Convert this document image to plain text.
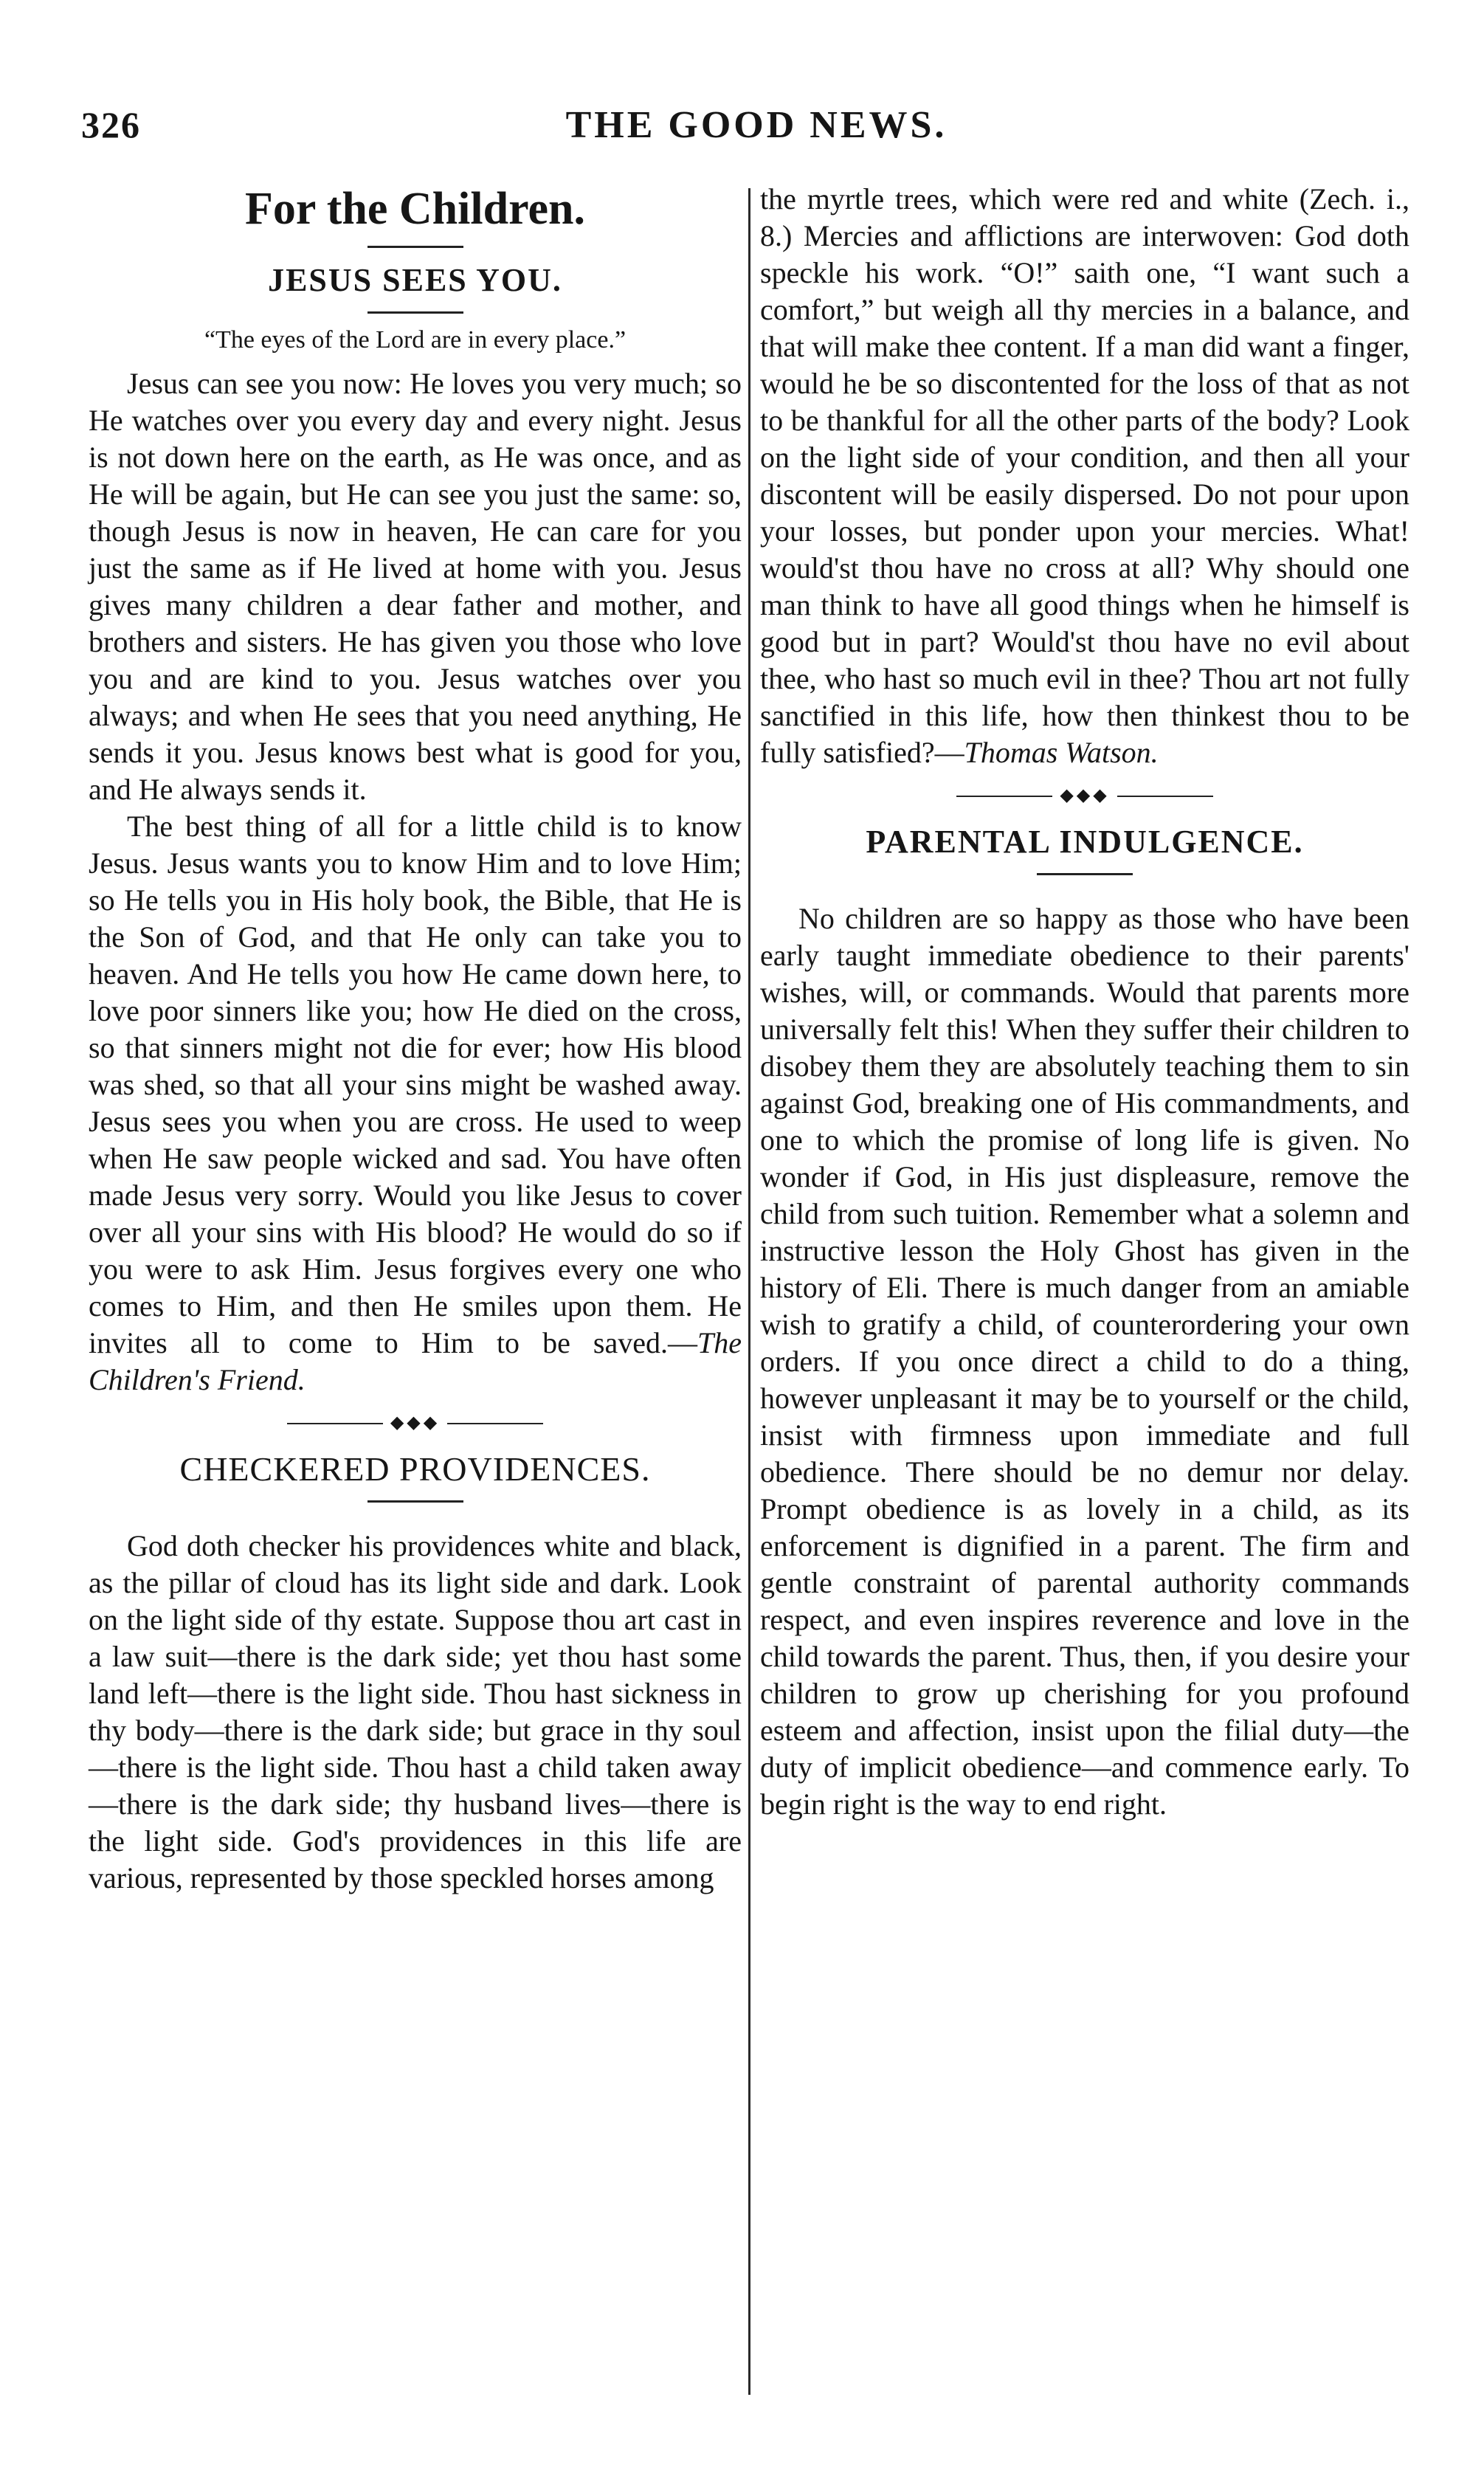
326	THE GOOD NEWS.
For the Children.
JESUS SEES YOU.
“The eyes of the Lord are in every place.”

Jesus can see you now: He loves you very much; so He watches over you every day and every night. Jesus is not down here on the earth, as He was once, and as He will be again, but He can see you just the same: so, though Jesus is now in heaven, He can care for you just the same as if He lived at home with you. Jesus gives many children a dear father and mother, and brothers and sisters. He has given you those who love you and are kind to you. Jesus watches over you always; and when He sees that you need anything, He sends it you. Jesus knows best what is good for you, and He always sends it.

The best thing of all for a little child is to know Jesus. Jesus wants you to know Him and to love Him; so He tells you in His holy book, the Bible, that He is the Son of God, and that He only can take you to heaven. And He tells you how He came down here, to love poor sinners like you; how He died on the cross, so that sinners might not die for ever; how His blood was shed, so that all your sins might be washed away. Jesus sees you when you are cross. He used to weep when He saw people wicked and sad. You have often made Jesus very sorry. Would you like Jesus to cover over all your sins with His blood? He would do so if you were to ask Him. Jesus forgives every one who comes to Him, and then He smiles upon them. He invites all to come to Him to be saved.—The Children's Friend.

◆◆◆
CHECKERED PROVIDENCES.

God doth checker his providences white and black, as the pillar of cloud has its light side and dark. Look on the light side of thy estate. Suppose thou art cast in a law suit—there is the dark side; yet thou hast some land left—there is the light side. Thou hast sickness in thy body—there is the dark side; but grace in thy soul—there is the light side. Thou hast a child taken away—there is the dark side; thy husband lives—there is the light side. God's providences in this life are various, represented by those speckled horses among

the myrtle trees, which were red and white (Zech. i., 8.) Mercies and afflictions are interwoven: God doth speckle his work. “O!” saith one, “I want such a comfort,” but weigh all thy mercies in a balance, and that will make thee content. If a man did want a finger, would he be so discontented for the loss of that as not to be thankful for all the other parts of the body? Look on the light side of your condition, and then all your discontent will be easily dispersed. Do not pour upon your losses, but ponder upon your mercies. What! would'st thou have no cross at all? Why should one man think to have all good things when he himself is good but in part? Would'st thou have no evil about thee, who hast so much evil in thee? Thou art not fully sanctified in this life, how then thinkest thou to be fully satisfied?—Thomas Watson.

◆◆◆
PARENTAL INDULGENCE.

No children are so happy as those who have been early taught immediate obedience to their parents' wishes, will, or commands. Would that parents more universally felt this! When they suffer their children to disobey them they are absolutely teaching them to sin against God, breaking one of His commandments, and one to which the promise of long life is given. No wonder if God, in His just displeasure, remove the child from such tuition. Remember what a solemn and instructive lesson the Holy Ghost has given in the history of Eli. There is much danger from an amiable wish to gratify a child, of counterordering your own orders. If you once direct a child to do a thing, however unpleasant it may be to yourself or the child, insist with firmness upon immediate and full obedience. There should be no demur nor delay. Prompt obedience is as lovely in a child, as its enforcement is dignified in a parent. The firm and gentle constraint of parental authority commands respect, and even inspires reverence and love in the child towards the parent. Thus, then, if you desire your children to grow up cherishing for you profound esteem and affection, insist upon the filial duty—the duty of implicit obedience—and commence early. To begin right is the way to end right.
